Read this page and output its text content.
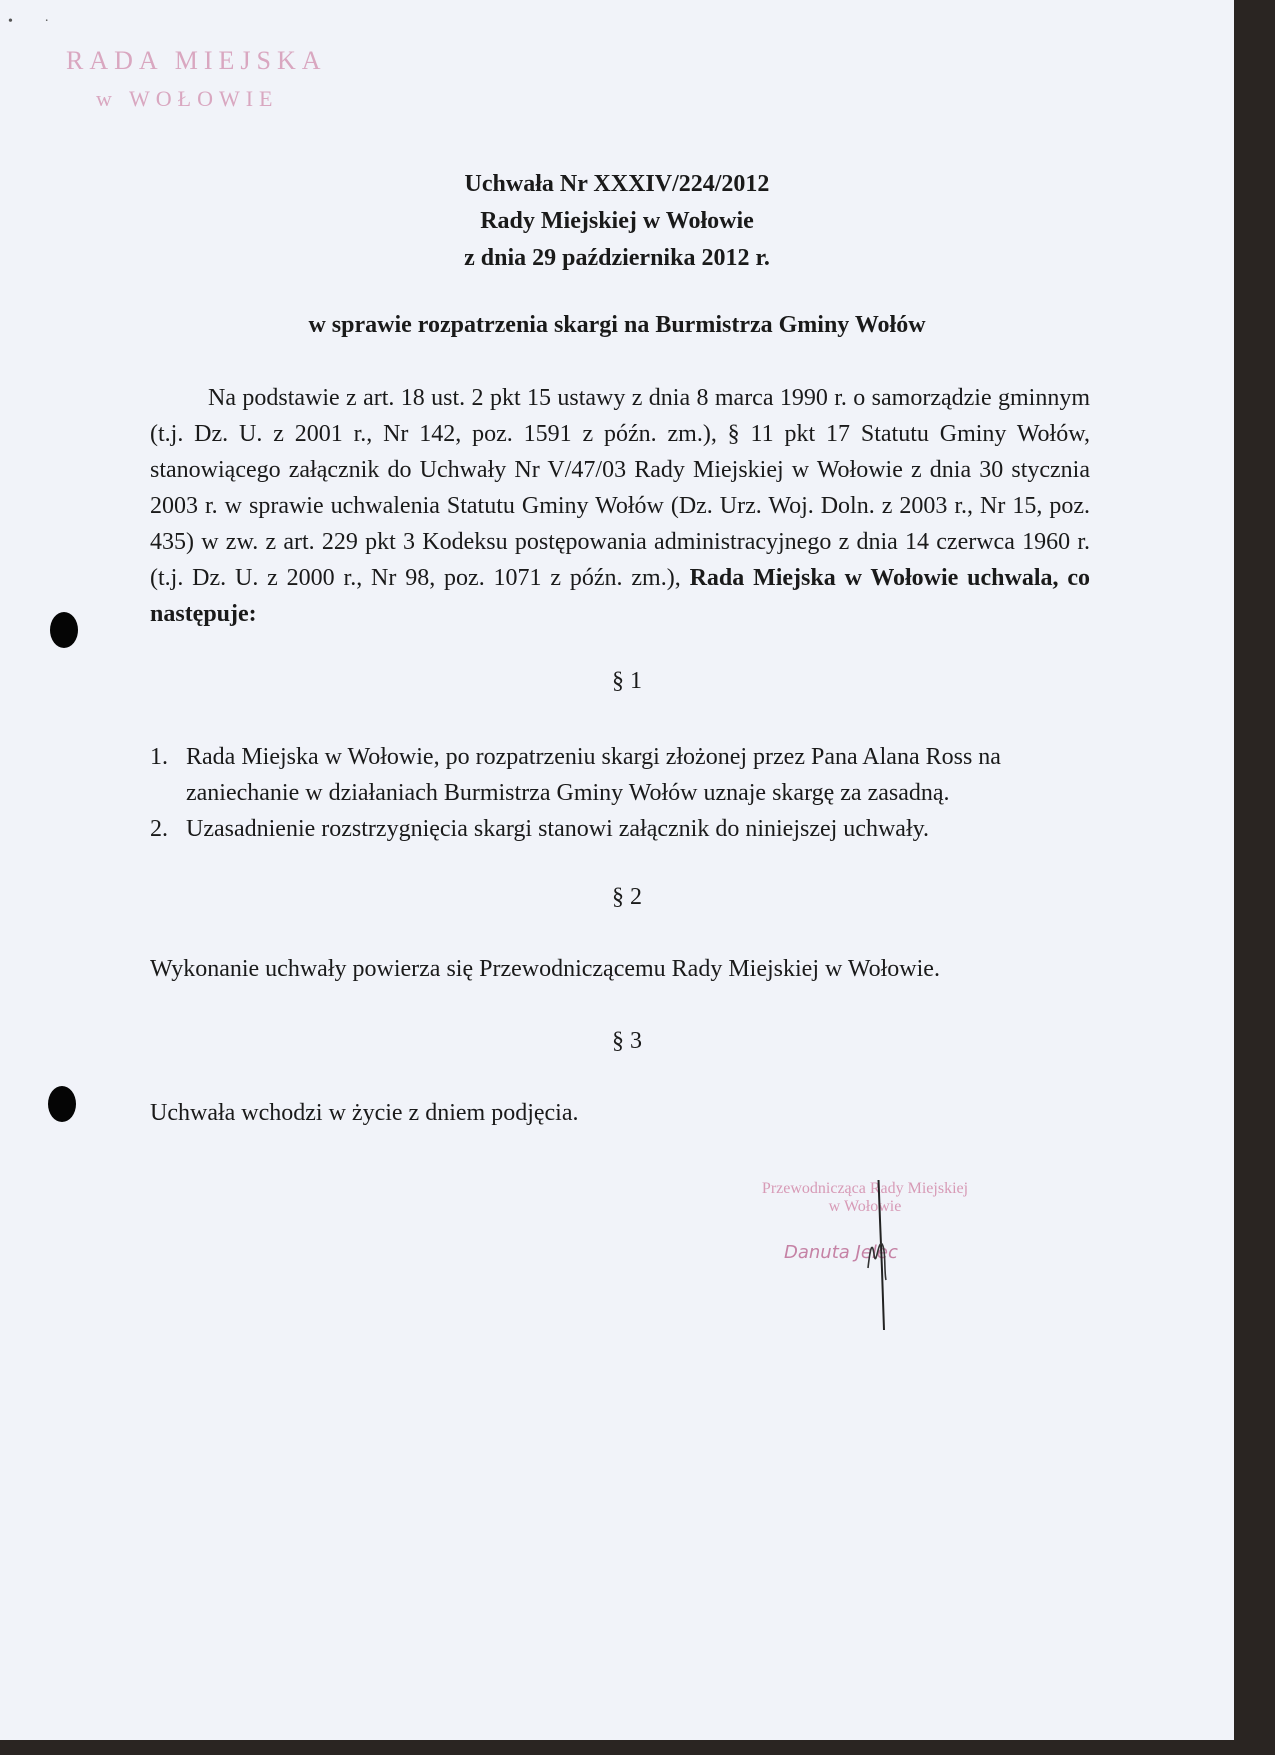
•         ·
RADA MIEJSKA
w WOŁOWIE
Uchwała Nr XXXIV/224/2012
Rady Miejskiej w Wołowie
z dnia 29 października 2012 r.
w sprawie rozpatrzenia skargi na Burmistrza Gminy Wołów
Na podstawie z art. 18 ust. 2 pkt 15 ustawy z dnia 8 marca 1990 r. o samorządzie gminnym (t.j. Dz. U. z 2001 r., Nr 142, poz. 1591 z późn. zm.), § 11 pkt 17 Statutu Gminy Wołów, stanowiącego załącznik do Uchwały Nr V/47/03 Rady Miejskiej w Wołowie z dnia 30 stycznia 2003 r. w sprawie uchwalenia Statutu Gminy Wołów (Dz. Urz. Woj. Doln. z 2003 r., Nr 15, poz. 435) w zw. z art. 229 pkt 3 Kodeksu postępowania administracyjnego z dnia 14 czerwca 1960 r. (t.j. Dz. U. z 2000 r., Nr 98, poz. 1071 z późn. zm.), Rada Miejska w Wołowie uchwala, co następuje:
§ 1
1. Rada Miejska w Wołowie, po rozpatrzeniu skargi złożonej przez Pana Alana Ross na zaniechanie w działaniach Burmistrza Gminy Wołów uznaje skargę za zasadną.
2. Uzasadnienie rozstrzygnięcia skargi stanowi załącznik do niniejszej uchwały.
§ 2
Wykonanie uchwały powierza się Przewodniczącemu Rady Miejskiej w Wołowie.
§ 3
Uchwała wchodzi w życie z dniem podjęcia.
Przewodnicząca Rady Miejskiej
w Wołowie
Danuta Jelec
